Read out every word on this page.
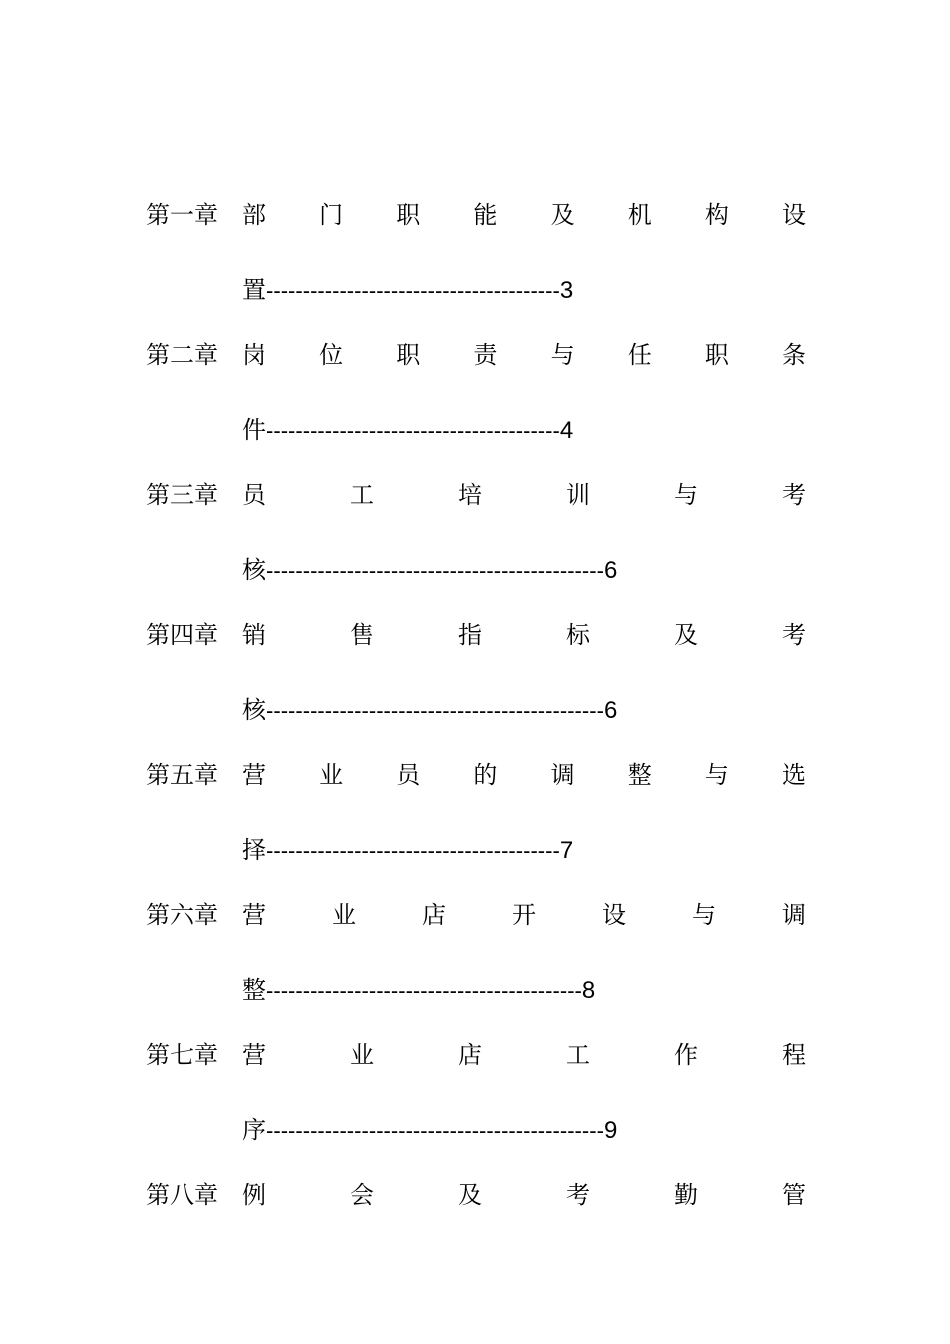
第一章 部 门 职 能 及 机 构 设
置----------------------------------------3
第二章 岗 位 职 责 与 任 职 条
件----------------------------------------4
第三章 员	工	培	训	与	考
核----------------------------------------------6
第四章 销	售	指	标	及	考
核----------------------------------------------6
第五章 营 业 员 的 调 整 与 选
择----------------------------------------7
第六章 营	业	店	开	设	与	调
整-------------------------------------------8
第七章 营	业	店	工	作	程
序----------------------------------------------9
第八章 例	会	及	考	勤	管
